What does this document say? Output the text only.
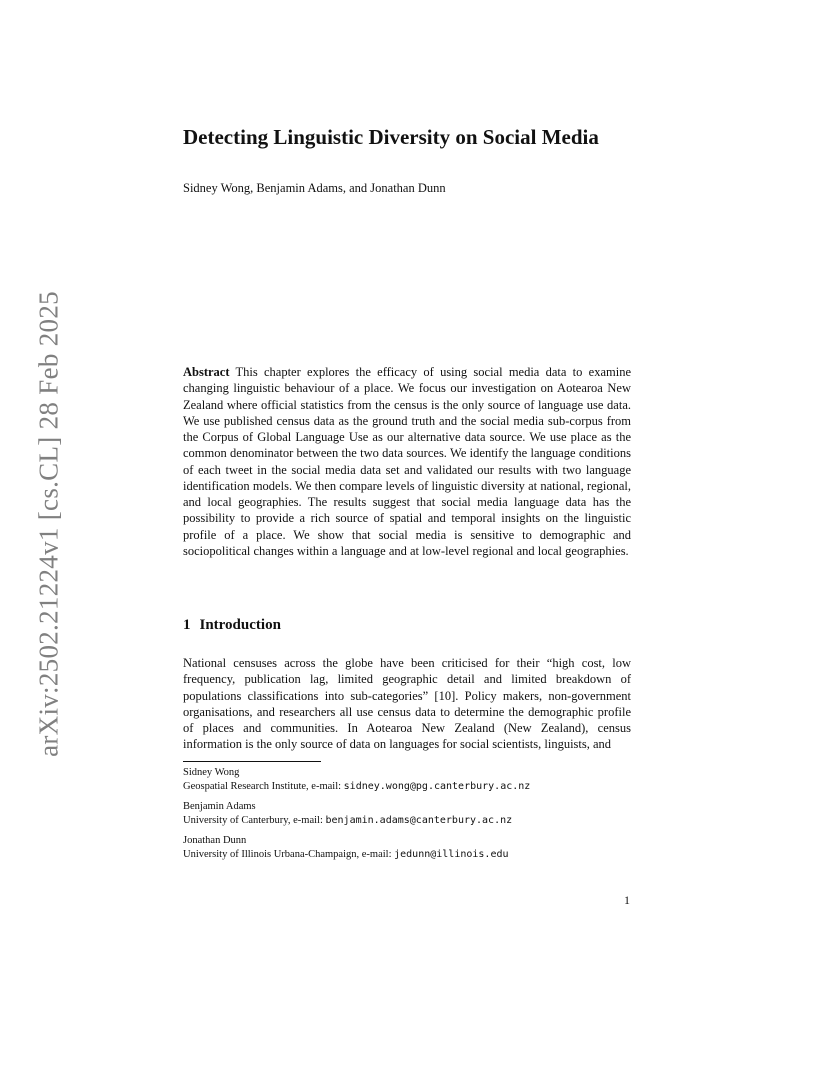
arXiv:2502.21224v1 [cs.CL] 28 Feb 2025
Detecting Linguistic Diversity on Social Media
Sidney Wong, Benjamin Adams, and Jonathan Dunn

Abstract This chapter explores the efficacy of using social media data to examine changing linguistic behaviour of a place. We focus our investigation on Aotearoa New Zealand where official statistics from the census is the only source of language use data. We use published census data as the ground truth and the social media sub-corpus from the Corpus of Global Language Use as our alternative data source. We use place as the common denominator between the two data sources. We identify the language conditions of each tweet in the social media data set and validated our results with two language identification models. We then compare levels of linguistic diversity at national, regional, and local geographies. The results suggest that social media language data has the possibility to provide a rich source of spatial and temporal insights on the linguistic profile of a place. We show that social media is sensitive to demographic and sociopolitical changes within a language and at low-level regional and local geographies.

1 Introduction

National censuses across the globe have been criticised for their “high cost, low frequency, publication lag, limited geographic detail and limited breakdown of populations classifications into sub-categories” [10]. Policy makers, non-government organisations, and researchers all use census data to determine the demographic profile of places and communities. In Aotearoa New Zealand (New Zealand), census information is the only source of data on languages for social scientists, linguists, and

Sidney Wong
Geospatial Research Institute, e-mail: sidney.wong@pg.canterbury.ac.nz
Benjamin Adams
University of Canterbury, e-mail: benjamin.adams@canterbury.ac.nz
Jonathan Dunn
University of Illinois Urbana-Champaign, e-mail: jedunn@illinois.edu
1
